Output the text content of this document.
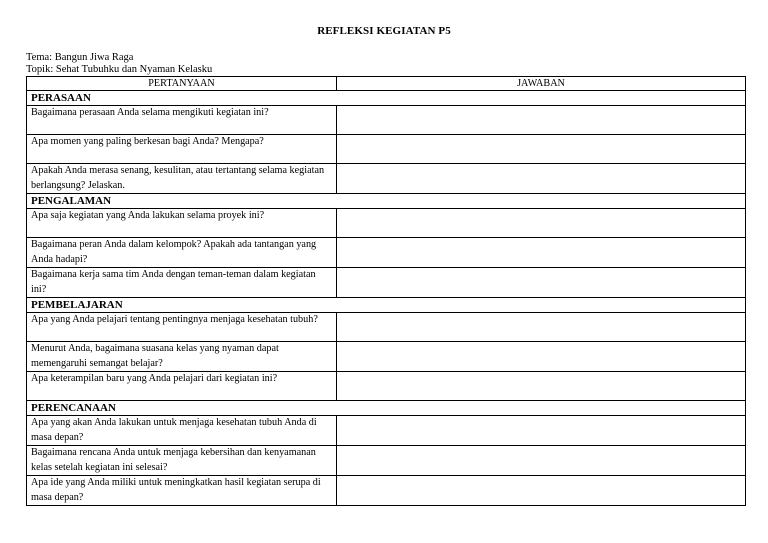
REFLEKSI KEGIATAN P5
Tema: Bangun Jiwa Raga
Topik: Sehat Tubuhku dan Nyaman Kelasku
PERTANYAAN	JAWABAN
PERASAAN	
Bagaimana perasaan Anda selama mengikuti kegiatan ini?	
Apa momen yang paling berkesan bagi Anda? Mengapa?	
Apakah Anda merasa senang, kesulitan, atau tertantang selama kegiatan berlangsung? Jelaskan.	
PENGALAMAN	
Apa saja kegiatan yang Anda lakukan selama proyek ini?	
Bagaimana peran Anda dalam kelompok? Apakah ada tantangan yang Anda hadapi?	
Bagaimana kerja sama tim Anda dengan teman-teman dalam kegiatan ini?	
PEMBELAJARAN	
Apa yang Anda pelajari tentang pentingnya menjaga kesehatan tubuh?	
Menurut Anda, bagaimana suasana kelas yang nyaman dapat memengaruhi semangat belajar?	
Apa keterampilan baru yang Anda pelajari dari kegiatan ini?	
PERENCANAAN	
Apa yang akan Anda lakukan untuk menjaga kesehatan tubuh Anda di masa depan?	
Bagaimana rencana Anda untuk menjaga kebersihan dan kenyamanan kelas setelah kegiatan ini selesai?	
Apa ide yang Anda miliki untuk meningkatkan hasil kegiatan serupa di masa depan?	
